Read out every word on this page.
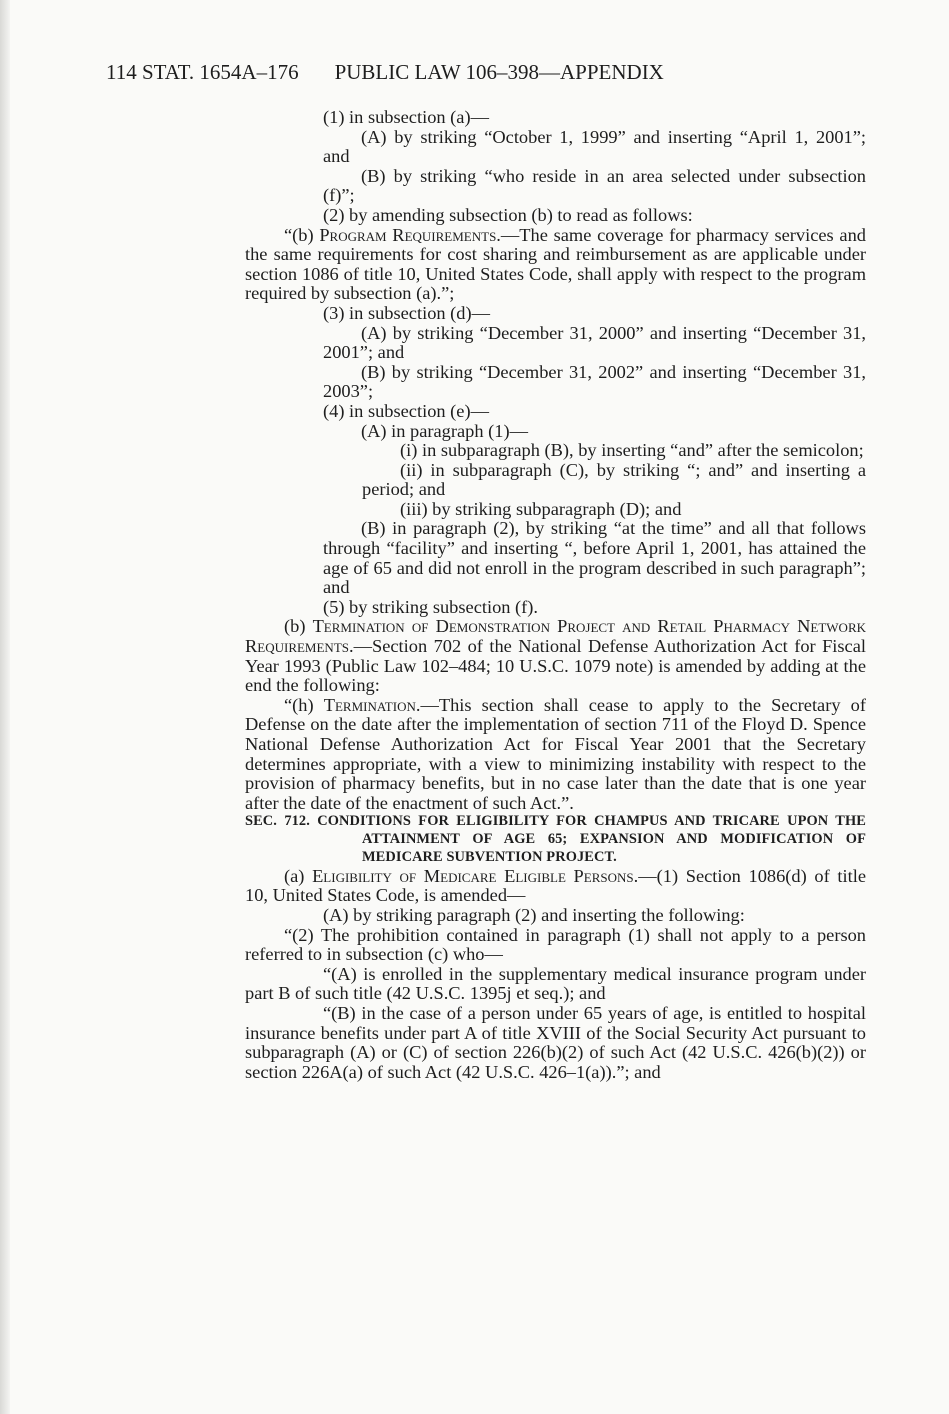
114 STAT. 1654A–176 PUBLIC LAW 106–398—APPENDIX

(1) in subsection (a)—

(A) by striking “October 1, 1999” and inserting “April 1, 2001”; and

(B) by striking “who reside in an area selected under subsection (f)”;

(2) by amending subsection (b) to read as follows:

“(b) Program Requirements.—The same coverage for pharmacy services and the same requirements for cost sharing and reimbursement as are applicable under section 1086 of title 10, United States Code, shall apply with respect to the program required by subsection (a).”;

(3) in subsection (d)—

(A) by striking “December 31, 2000” and inserting “December 31, 2001”; and

(B) by striking “December 31, 2002” and inserting “December 31, 2003”;

(4) in subsection (e)—

(A) in paragraph (1)—

(i) in subparagraph (B), by inserting “and” after the semicolon;

(ii) in subparagraph (C), by striking “; and” and inserting a period; and

(iii) by striking subparagraph (D); and

(B) in paragraph (2), by striking “at the time” and all that follows through “facility” and inserting “, before April 1, 2001, has attained the age of 65 and did not enroll in the program described in such paragraph”; and

(5) by striking subsection (f).

(b) Termination of Demonstration Project and Retail Pharmacy Network Requirements.—Section 702 of the National Defense Authorization Act for Fiscal Year 1993 (Public Law 102–484; 10 U.S.C. 1079 note) is amended by adding at the end the following:

“(h) Termination.—This section shall cease to apply to the Secretary of Defense on the date after the implementation of section 711 of the Floyd D. Spence National Defense Authorization Act for Fiscal Year 2001 that the Secretary determines appropriate, with a view to minimizing instability with respect to the provision of pharmacy benefits, but in no case later than the date that is one year after the date of the enactment of such Act.”.

SEC. 712. CONDITIONS FOR ELIGIBILITY FOR CHAMPUS AND TRICARE UPON THE ATTAINMENT OF AGE 65; EXPANSION AND MODIFICATION OF MEDICARE SUBVENTION PROJECT.

(a) Eligibility of Medicare Eligible Persons.—(1) Section 1086(d) of title 10, United States Code, is amended—

(A) by striking paragraph (2) and inserting the following:

“(2) The prohibition contained in paragraph (1) shall not apply to a person referred to in subsection (c) who—

“(A) is enrolled in the supplementary medical insurance program under part B of such title (42 U.S.C. 1395j et seq.); and

“(B) in the case of a person under 65 years of age, is entitled to hospital insurance benefits under part A of title XVIII of the Social Security Act pursuant to subparagraph (A) or (C) of section 226(b)(2) of such Act (42 U.S.C. 426(b)(2)) or section 226A(a) of such Act (42 U.S.C. 426–1(a)).”; and
